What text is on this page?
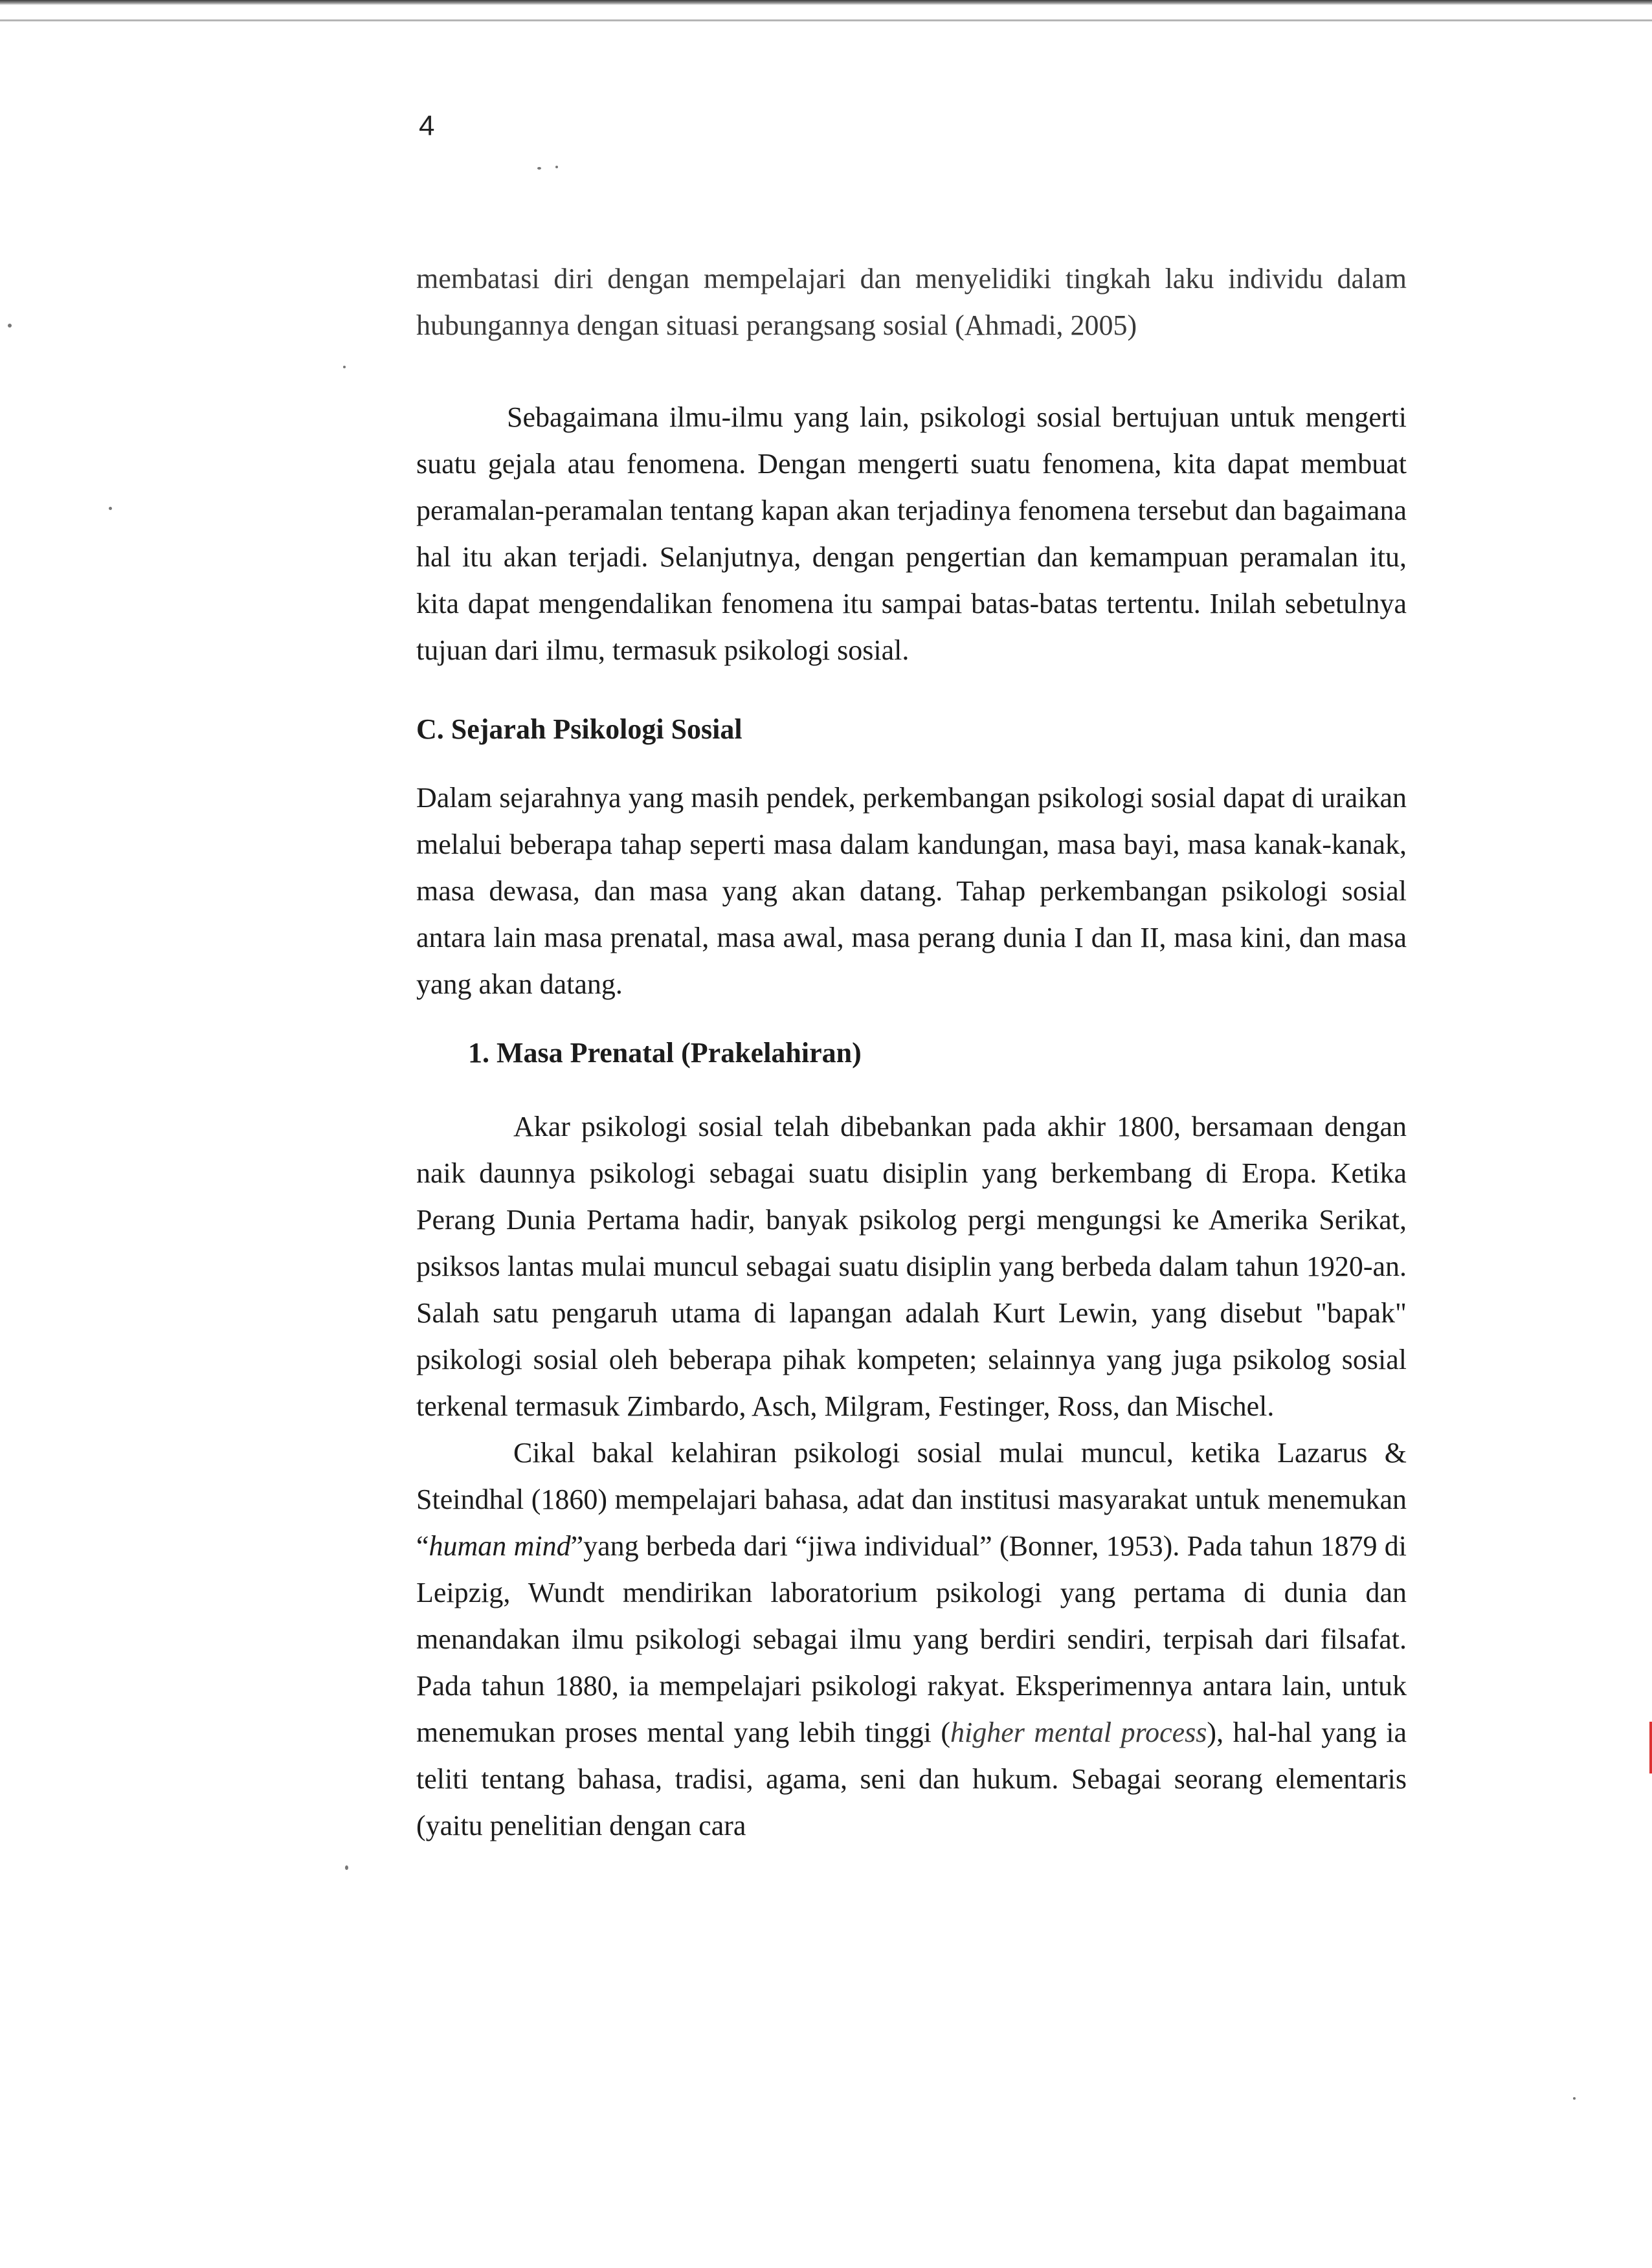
4

membatasi diri dengan mempelajari dan menyelidiki tingkah laku individu dalam hubungannya dengan situasi perangsang sosial (Ahmadi, 2005)

Sebagaimana ilmu-ilmu yang lain, psikologi sosial bertujuan untuk mengerti suatu gejala atau fenomena. Dengan mengerti suatu fenomena, kita dapat membuat peramalan-peramalan tentang kapan akan terjadinya fenomena tersebut dan bagaimana hal itu akan terjadi. Selanjutnya, dengan pengertian dan kemampuan peramalan itu, kita dapat mengendalikan fenomena itu sampai batas-batas tertentu. Inilah sebetulnya tujuan dari ilmu, termasuk psikologi sosial.

C. Sejarah Psikologi Sosial

Dalam sejarahnya yang masih pendek, perkembangan psikologi sosial dapat di uraikan melalui beberapa tahap seperti masa dalam kandungan, masa bayi, masa kanak-kanak, masa dewasa, dan masa yang akan datang. Tahap perkembangan psikologi sosial antara lain masa prenatal, masa awal, masa perang dunia I dan II, masa kini, dan masa yang akan datang.

1. Masa Prenatal (Prakelahiran)

Akar psikologi sosial telah dibebankan pada akhir 1800, bersamaan dengan naik daunnya psikologi sebagai suatu disiplin yang berkembang di Eropa. Ketika Perang Dunia Pertama hadir, banyak psikolog pergi mengungsi ke Amerika Serikat, psiksos lantas mulai muncul sebagai suatu disiplin yang berbeda dalam tahun 1920-an. Salah satu pengaruh utama di lapangan adalah Kurt Lewin, yang disebut "bapak" psikologi sosial oleh beberapa pihak kompeten; selainnya yang juga psikolog sosial terkenal termasuk Zimbardo, Asch, Milgram, Festinger, Ross, dan Mischel.

Cikal bakal kelahiran psikologi sosial mulai muncul, ketika Lazarus & Steindhal (1860) mempelajari bahasa, adat dan institusi masyarakat untuk menemukan “human mind”yang berbeda dari “jiwa individual” (Bonner, 1953). Pada tahun 1879 di Leipzig, Wundt mendirikan laboratorium psikologi yang pertama di dunia dan menandakan ilmu psikologi sebagai ilmu yang berdiri sendiri, terpisah dari filsafat. Pada tahun 1880, ia mempelajari psikologi rakyat. Eksperimennya antara lain, untuk menemukan proses mental yang lebih tinggi (higher mental process), hal-hal yang ia teliti tentang bahasa, tradisi, agama, seni dan hukum. Sebagai seorang elementaris (yaitu penelitian dengan cara
